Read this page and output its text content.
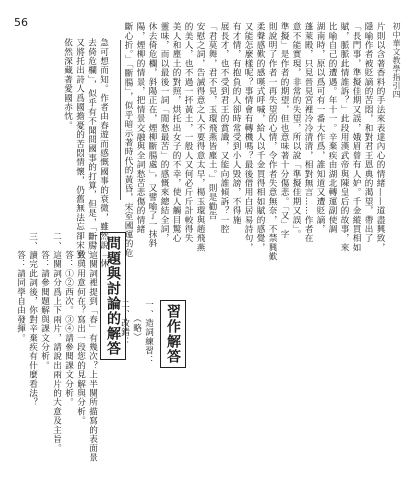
初中華文教學指引四
56	片則以含著香料的手法來表達內心的情緒——道盡興致，
隱喻作者被貶謫的苦悶，和對君王恩典的渴望，帶出了
「長門事，準擬佳期又誤，娥眉曾有人妒。千金縱買相如
賦，脈脈此情誰訴？」此段用漢武帝與陳皇后的故事，來
比喻自己的遭遇。年十一。辛棄疾由湖北轉運副使調
湖南時，原以爲可有一番大作爲，誰知道又遭貶謫，
蓬萊殿，只見晉見宮裡冷冷清清，相對無言……作者在
意不能實現，非常的失望，所以說「準擬佳期又誤」。
準擬」是作者的期望，但也意味著十分傷悲。「又」字
則說明了作者一再失望的心情，令作者失意無奈，不禁興歎
柔聲感歎的感嘆式呼喊，給人以千金買得相如賦的感覺，
又能怎麼樣呢？事情會有轉機嗎？最後借用白居易詩句，
有才情，有抱負的人卻時常受到小人毀謗，不得施
展長才，也不受到君王的賞識，又能向誰傾訴？一腔
「君莫舞，君不見，玉環飛燕皆塵土。」則是勸告
安慰之詞，告誡得意之人不要得意太早，楊玉環與趙飛燕
的美人，也不過一抔黃土，一般人又何必斤斤計較得失
美人和塵土的對照，烘托出女子的不幸，使人觸目驚心
靈味，而以最後一詞「閒愁最苦」的感慨來總結全詞，
休去倚危欄，斜陽正在，煙柳斷腸處」，又譬喻了一抹斜
陽，煙柳的情景，把情景交融與全詞愁苦悲傷的情緒
斷心折。」「斷腸」，似乎暗示著時代的黃昏，宋室國運的危
急可想而知。作者由春遊而感慨國事的衰微，雖然說「休
去倚危欄」，似乎有不聞問國事的打算，但是，「斷腸」
又將托出詩人爲國擔憂的苦悶情懷，仍舊無法忘卻宋室，
依然深藏著愛國赤忱。
問題與討論的解答
一、這闋詞裡提到「春」有幾次？上半闋所描寫的表面景
　　致與用意何在？寫出一段您的見解與分析。
　　答：①②西次。③④請參閱課文分析。
二、這闋詞分爲上下兩片，請說出兩片的大意及主旨。
　　答：請參閱題解與課文分析。
三、讀完此詞後，你對辛棄疾有什麼看法？
　　答：請同學自由發揮。	習作解答
一、造詞練習：
　　（略）
二、改錯：
